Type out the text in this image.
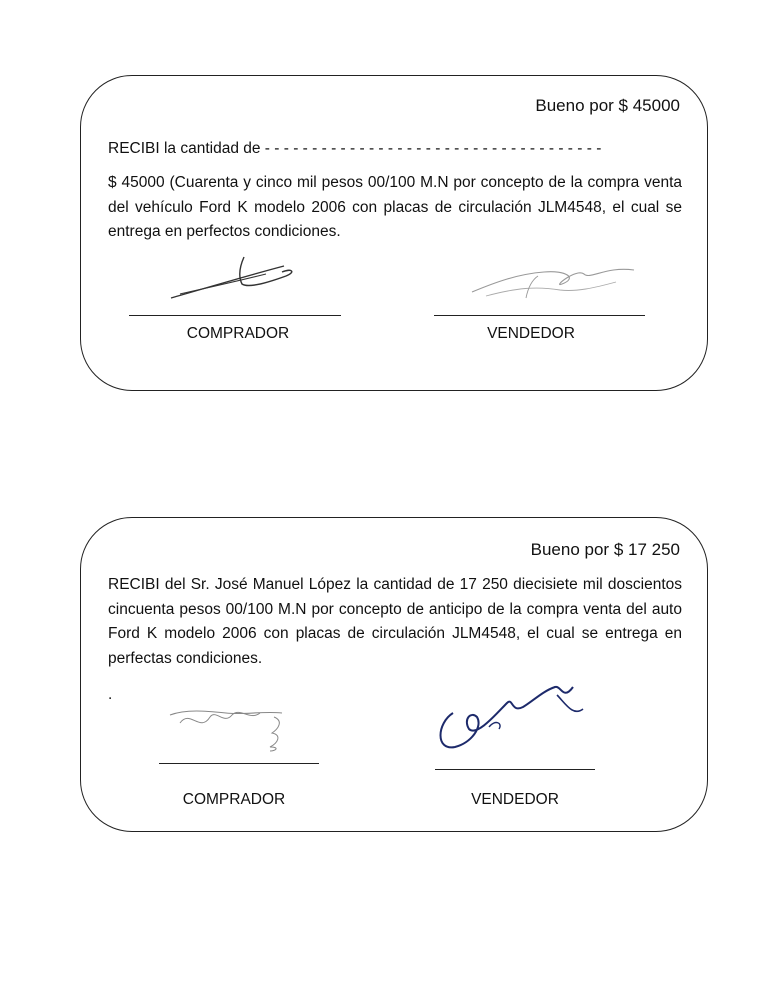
Bueno por $ 45000
RECIBI la cantidad de - - - - - - - - - - - - - - - - - - - - - - - - - - - - - - - - - - - -
$ 45000 (Cuarenta y cinco mil pesos 00/100 M.N por concepto de la compra venta del vehículo Ford K modelo 2006 con placas de circulación JLM4548, el cual se entrega en perfectos condiciones.
COMPRADOR	VENDEDOR
Bueno por $ 17 250
RECIBI del Sr. José Manuel López la cantidad de 17 250 diecisiete mil doscientos cincuenta pesos 00/100 M.N por concepto de anticipo de la compra venta del auto Ford K modelo 2006 con placas de circulación JLM4548, el cual se entrega en perfectas condiciones.
.
COMPRADOR	VENDEDOR
